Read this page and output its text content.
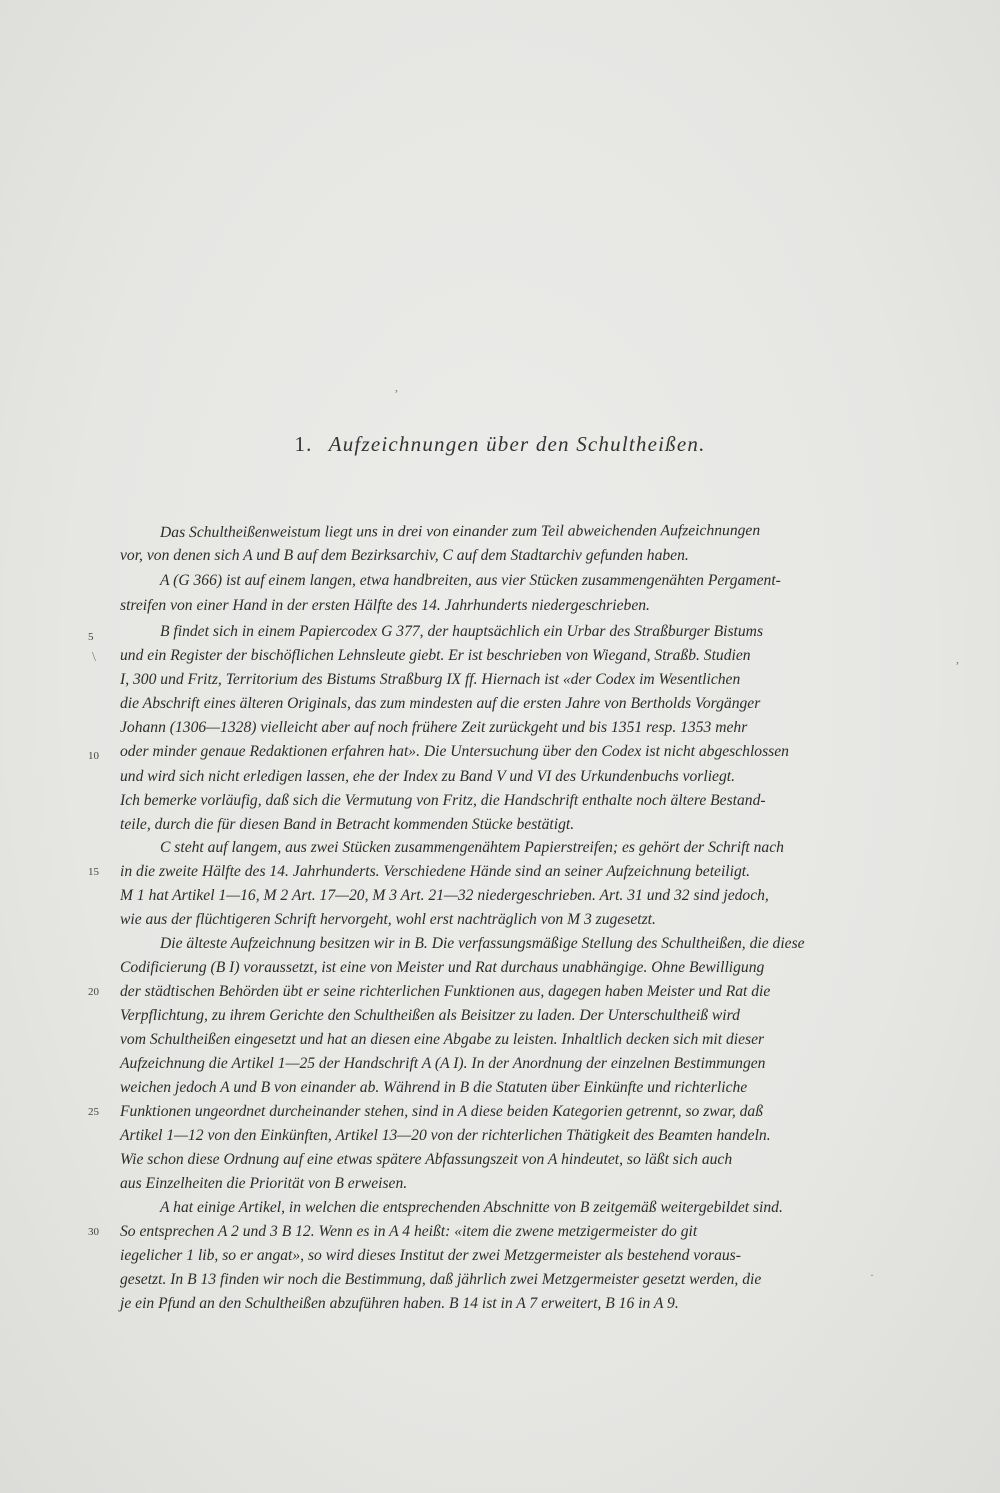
1. Aufzeichnungen über den Schultheißen.
Das Schultheißenweistum liegt uns in drei von einander zum Teil abweichenden Aufzeichnungen
vor, von denen sich A und B auf dem Bezirksarchiv, C auf dem Stadtarchiv gefunden haben.
A (G 366) ist auf einem langen, etwa handbreiten, aus vier Stücken zusammengenähten Pergament-
streifen von einer Hand in der ersten Hälfte des 14. Jahrhunderts niedergeschrieben.
B findet sich in einem Papiercodex G 377, der hauptsächlich ein Urbar des Straßburger Bistums
und ein Register der bischöflichen Lehnsleute giebt. Er ist beschrieben von Wiegand, Straßb. Studien
I, 300 und Fritz, Territorium des Bistums Straßburg IX ff. Hiernach ist «der Codex im Wesentlichen
die Abschrift eines älteren Originals, das zum mindesten auf die ersten Jahre von Bertholds Vorgänger
Johann (1306—1328) vielleicht aber auf noch frühere Zeit zurückgeht und bis 1351 resp. 1353 mehr
oder minder genaue Redaktionen erfahren hat». Die Untersuchung über den Codex ist nicht abgeschlossen
und wird sich nicht erledigen lassen, ehe der Index zu Band V und VI des Urkundenbuchs vorliegt.
Ich bemerke vorläufig, daß sich die Vermutung von Fritz, die Handschrift enthalte noch ältere Bestand-
teile, durch die für diesen Band in Betracht kommenden Stücke bestätigt.
C steht auf langem, aus zwei Stücken zusammengenähtem Papierstreifen; es gehört der Schrift nach
in die zweite Hälfte des 14. Jahrhunderts. Verschiedene Hände sind an seiner Aufzeichnung beteiligt.
M 1 hat Artikel 1—16, M 2 Art. 17—20, M 3 Art. 21—32 niedergeschrieben. Art. 31 und 32 sind jedoch,
wie aus der flüchtigeren Schrift hervorgeht, wohl erst nachträglich von M 3 zugesetzt.
Die älteste Aufzeichnung besitzen wir in B. Die verfassungsmäßige Stellung des Schultheißen, die diese
Codificierung (B I) voraussetzt, ist eine von Meister und Rat durchaus unabhängige. Ohne Bewilligung
der städtischen Behörden übt er seine richterlichen Funktionen aus, dagegen haben Meister und Rat die
Verpflichtung, zu ihrem Gerichte den Schultheißen als Beisitzer zu laden. Der Unterschultheiß wird
vom Schultheißen eingesetzt und hat an diesen eine Abgabe zu leisten. Inhaltlich decken sich mit dieser
Aufzeichnung die Artikel 1—25 der Handschrift A (A I). In der Anordnung der einzelnen Bestimmungen
weichen jedoch A und B von einander ab. Während in B die Statuten über Einkünfte und richterliche
Funktionen ungeordnet durcheinander stehen, sind in A diese beiden Kategorien getrennt, so zwar, daß
Artikel 1—12 von den Einkünften, Artikel 13—20 von der richterlichen Thätigkeit des Beamten handeln.
Wie schon diese Ordnung auf eine etwas spätere Abfassungszeit von A hindeutet, so läßt sich auch
aus Einzelheiten die Priorität von B erweisen.
A hat einige Artikel, in welchen die entsprechenden Abschnitte von B zeitgemäß weitergebildet sind.
So entsprechen A 2 und 3 B 12. Wenn es in A 4 heißt: «item die zwene metzigermeister do git
iegelicher 1 lib, so er angat», so wird dieses Institut der zwei Metzgermeister als bestehend voraus-
gesetzt. In B 13 finden wir noch die Bestimmung, daß jährlich zwei Metzgermeister gesetzt werden, die
je ein Pfund an den Schultheißen abzuführen haben. B 14 ist in A 7 erweitert, B 16 in A 9.
5
10
15
20
25
30
,
\	,
·
